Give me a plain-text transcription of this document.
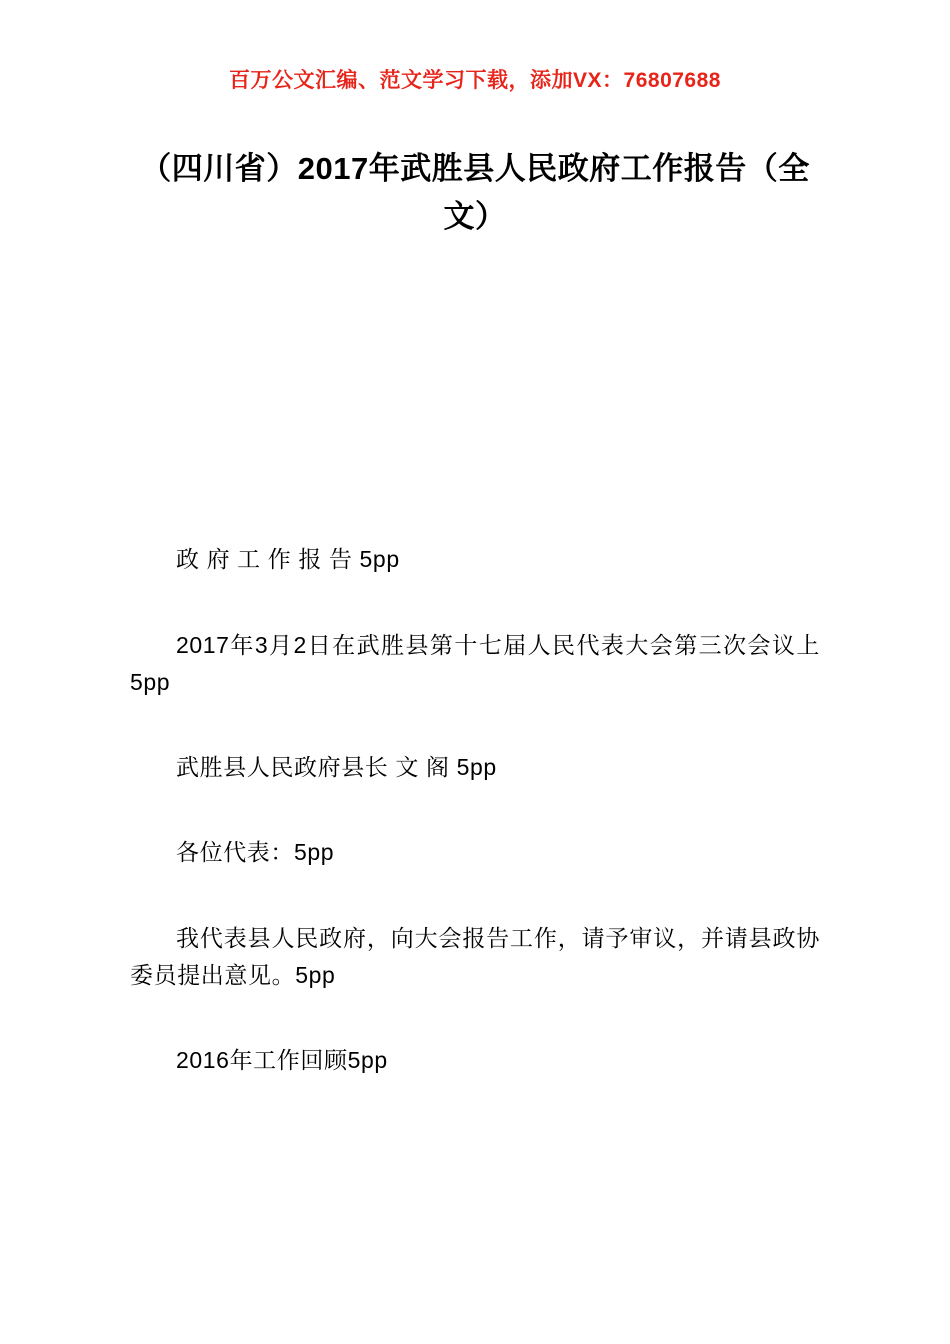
百万公文汇编、范文学习下载，添加VX：76807688
（四川省）2017年武胜县人民政府工作报告（全文）

政 府 工 作 报 告 5pp

2017年3月2日在武胜县第十七届人民代表大会第三次会议上5pp

武胜县人民政府县长 文 阁 5pp

各位代表：5pp

我代表县人民政府，向大会报告工作，请予审议，并请县政协委员提出意见。5pp

2016年工作回顾5pp
